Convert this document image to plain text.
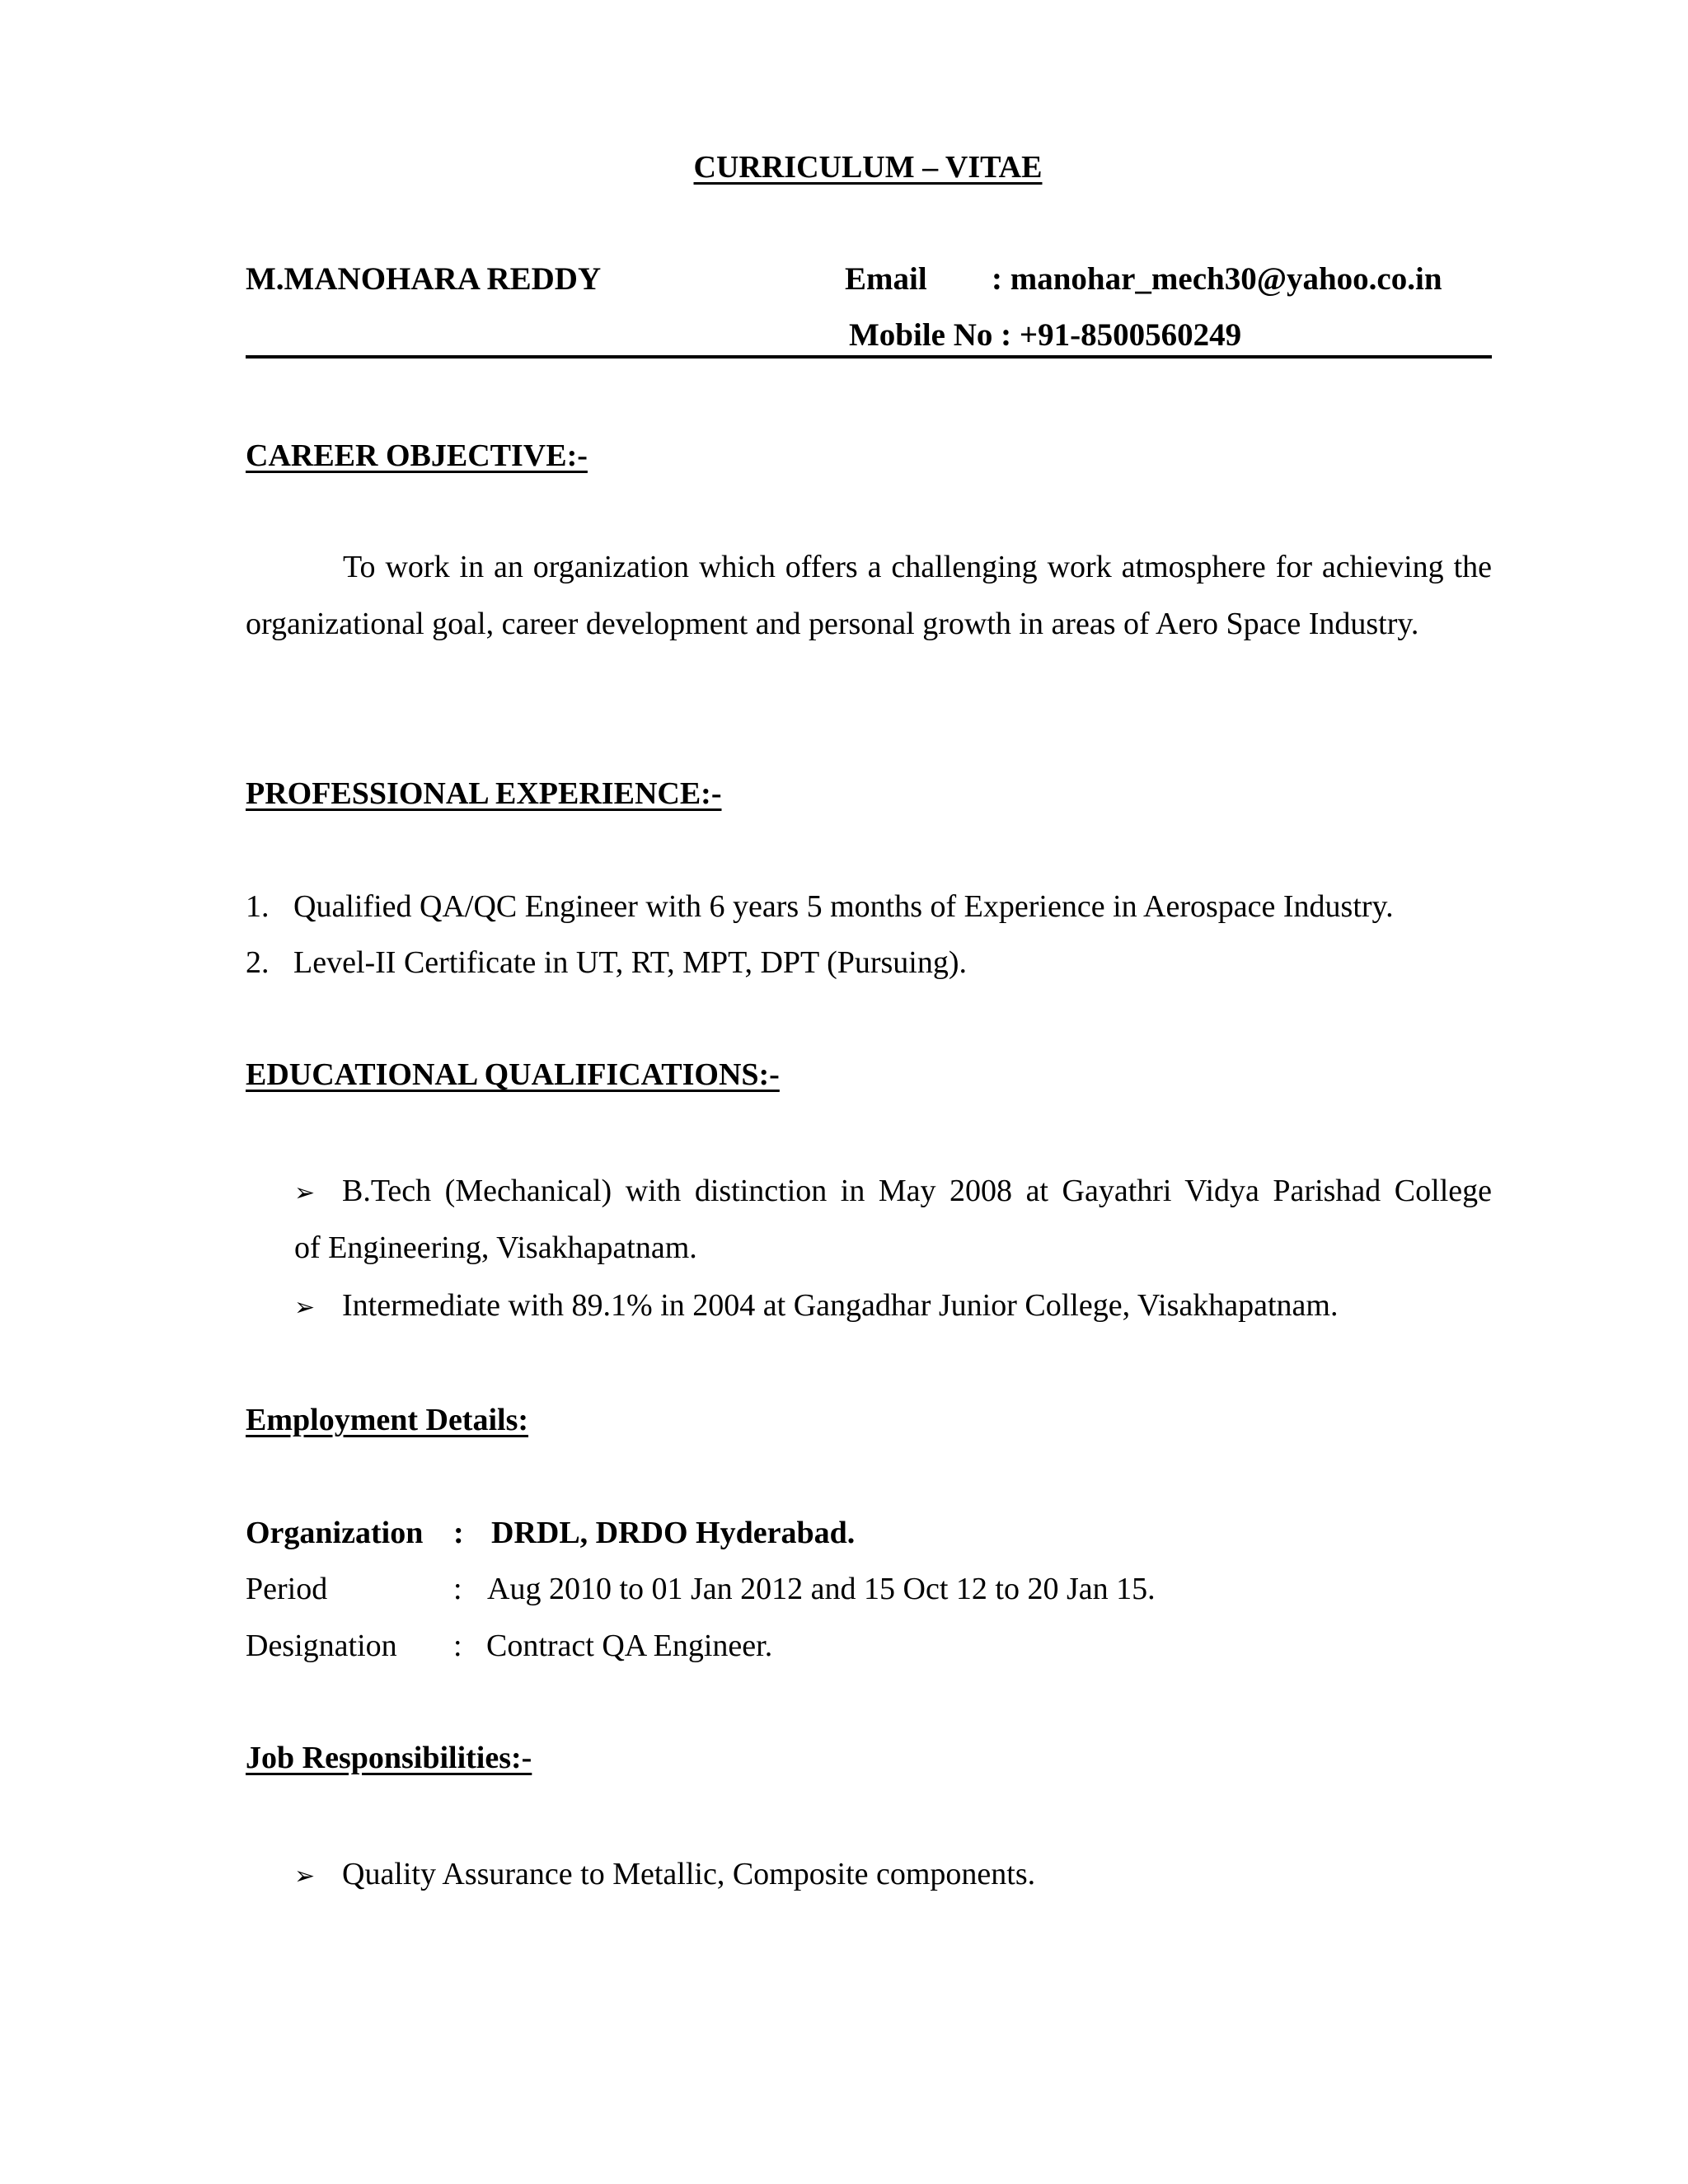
CURRICULUM – VITAE
M.MANOHARA REDDY	Email : manohar_mech30@yahoo.co.in
Mobile No : +91-8500560249
CAREER OBJECTIVE:-
To work in an organization which offers a challenging work atmosphere for achieving the organizational goal, career development and personal growth in areas of Aero Space Industry.
PROFESSIONAL EXPERIENCE:-
1. Qualified QA/QC Engineer with 6 years 5 months of Experience in Aerospace Industry.
2. Level-II Certificate in UT, RT, MPT, DPT (Pursuing).
EDUCATIONAL QUALIFICATIONS:-
➢ B.Tech (Mechanical) with distinction in May 2008 at Gayathri Vidya Parishad College
of Engineering, Visakhapatnam.
➢ Intermediate with 89.1% in 2004 at Gangadhar Junior College, Visakhapatnam.
Employment Details:
Organization : DRDL, DRDO Hyderabad.
Period	: Aug 2010 to 01 Jan 2012 and 15 Oct 12 to 20 Jan 15.
Designation : Contract QA Engineer.
Job Responsibilities:-
➢ Quality Assurance to Metallic, Composite components.
